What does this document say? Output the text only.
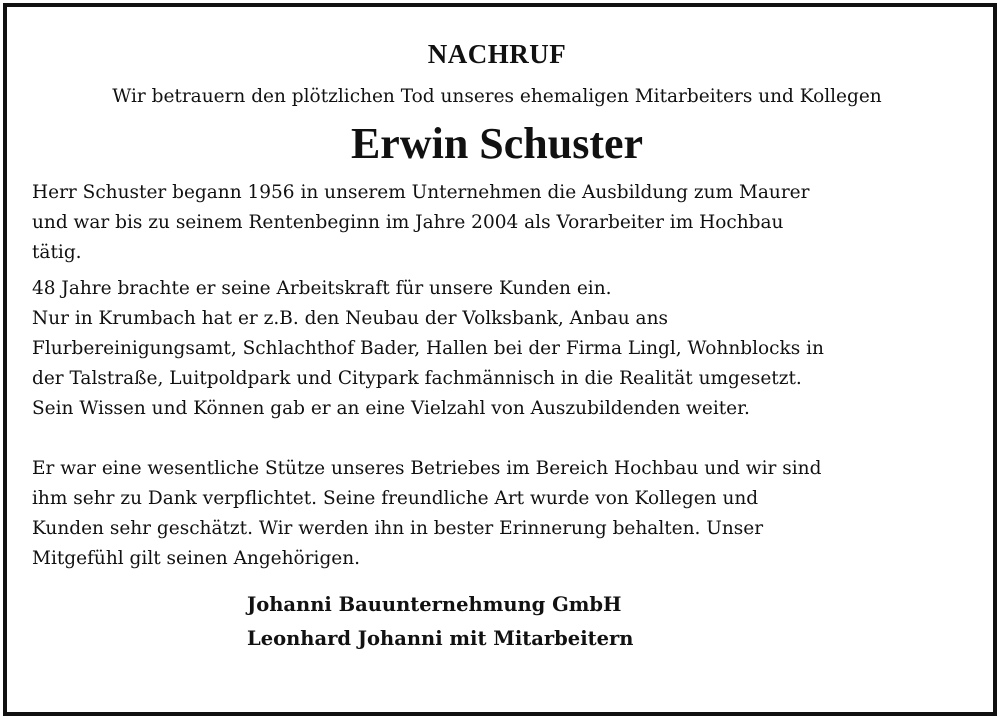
NACHRUF
Wir betrauern den plötzlichen Tod unseres ehemaligen Mitarbeiters und Kollegen
Erwin Schuster
Herr Schuster begann 1956 in unserem Unternehmen die Ausbildung zum Maurer
und war bis zu seinem Rentenbeginn im Jahre 2004 als Vorarbeiter im Hochbau
tätig.
48 Jahre brachte er seine Arbeitskraft für unsere Kunden ein.
Nur in Krumbach hat er z.B. den Neubau der Volksbank, Anbau ans
Flurbereinigungsamt, Schlachthof Bader, Hallen bei der Firma Lingl, Wohnblocks in
der Talstraße, Luitpoldpark und Citypark fachmännisch in die Realität umgesetzt.
Sein Wissen und Können gab er an eine Vielzahl von Auszubildenden weiter.
Er war eine wesentliche Stütze unseres Betriebes im Bereich Hochbau und wir sind
ihm sehr zu Dank verpflichtet. Seine freundliche Art wurde von Kollegen und
Kunden sehr geschätzt. Wir werden ihn in bester Erinnerung behalten. Unser
Mitgefühl gilt seinen Angehörigen.
Johanni Bauunternehmung GmbH
Leonhard Johanni mit Mitarbeitern
